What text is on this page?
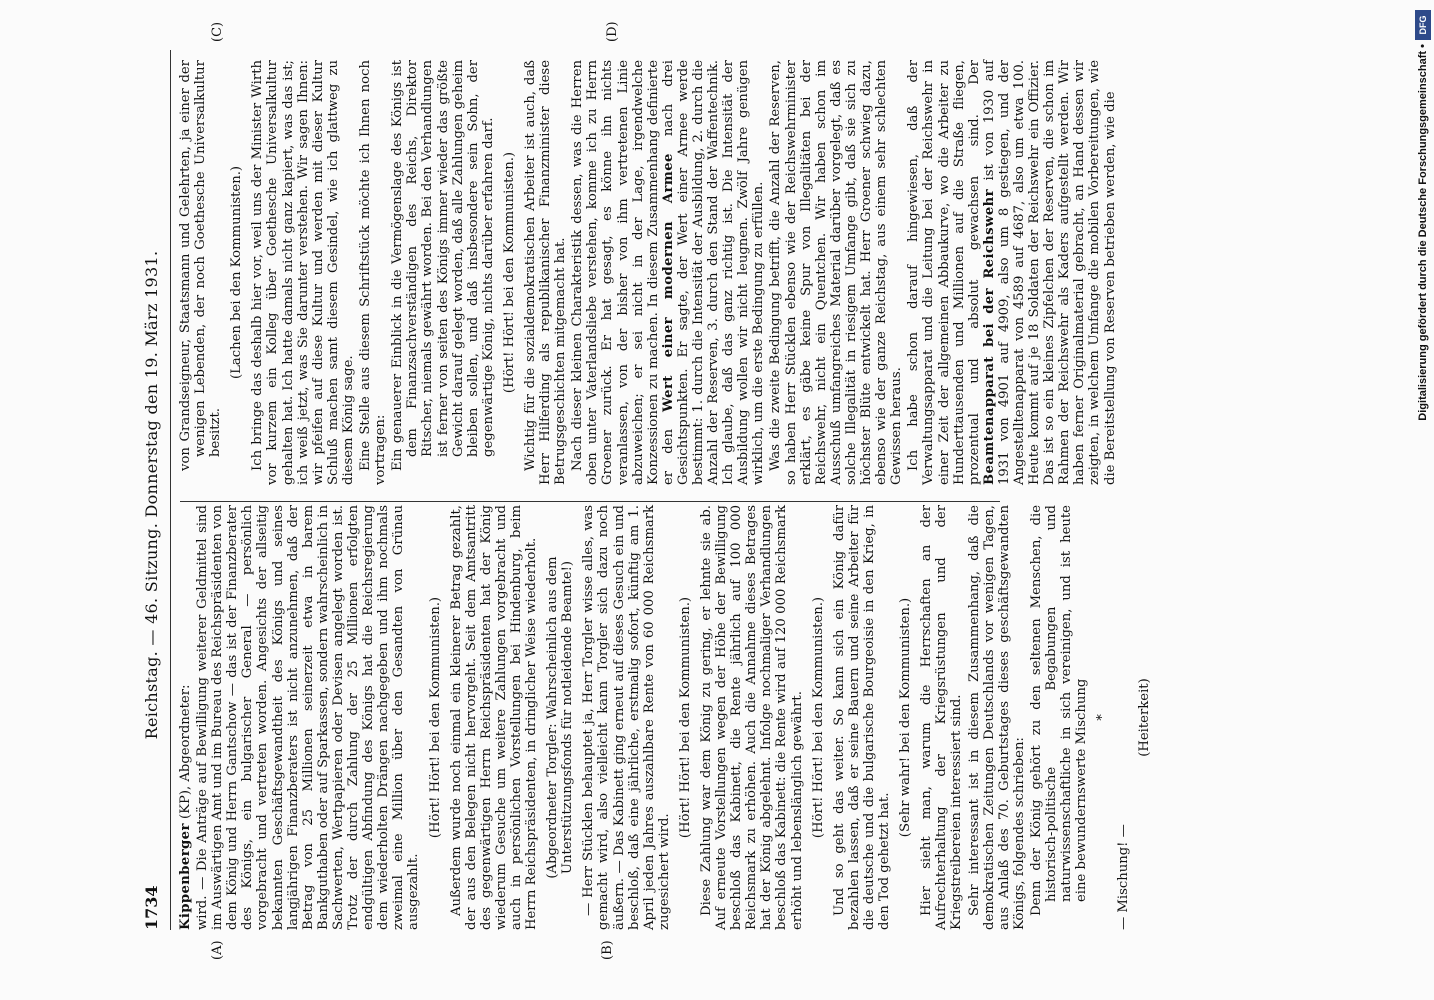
1734
Reichstag. — 46. Sitzung. Donnerstag den 19. März 1931.
(A)	(B)
(C)	(D)

Kippenberger (KP), Abgeordneter: wird. — Die Anträge auf Bewilligung weiterer Geldmittel sind im Auswärtigen Amt und im Bureau des Reichspräsidenten von dem König und Herrn Gantschow — das ist der Finanzberater des Königs, ein bulgarischer General — persönlich vorgebracht und vertreten worden. Angesichts der allseitig bekannten Geschäftsgewandtheit des Königs und seines langjährigen Finanzberaters ist nicht anzunehmen, daß der Betrag von 25 Millionen seinerzeit etwa in barem Bankguthaben oder auf Sparkassen, sondern wahrscheinlich in Sachwerten, Wertpapieren oder Devisen angelegt worden ist. Trotz der durch Zahlung der 25 Millionen erfolgten endgültigen Abfindung des Königs hat die Reichsregierung dem wiederholten Drängen nachgegeben und ihm nochmals zweimal eine Million über den Gesandten von Grünau ausgezahlt.

(Hört! Hört! bei den Kommunisten.) Außerdem wurde noch einmal ein kleinerer Betrag gezahlt, der aus den Belegen nicht hervorgeht. Seit dem Amtsantritt des gegenwärtigen Herrn Reichspräsidenten hat der König wiederum Gesuche um weitere Zahlungen vorgebracht und auch in persönlichen Vorstellungen bei Hindenburg, beim Herrn Reichspräsidenten, in dringlicher Weise wiederholt. (Abgeordneter Torgler: Wahrscheinlich aus dem Unterstützungsfonds für notleidende Beamte!) — Herr Stücklen behauptet ja, Herr Torgler wisse alles, was gemacht wird, also vielleicht kann Torgler sich dazu noch äußern. — Das Kabinett ging erneut auf dieses Gesuch ein und beschloß, daß eine jährliche, erstmalig sofort, künftig am 1. April jeden Jahres auszahlbare Rente von 60 000 Reichsmark zugesichert wird.

(Hört! Hört! bei den Kommunisten.) Diese Zahlung war dem König zu gering, er lehnte sie ab. Auf erneute Vorstellungen wegen der Höhe der Bewilligung beschloß das Kabinett, die Rente jährlich auf 100 000 Reichsmark zu erhöhen. Auch die Annahme dieses Betrages hat der König abgelehnt. Infolge nochmaliger Verhandlungen beschloß das Kabinett: die Rente wird auf 120 000 Reichsmark erhöht und lebenslänglich gewährt. (Hört! Hört! bei den Kommunisten.) Und so geht das weiter. So kann sich ein König dafür bezahlen lassen, daß er seine Bauern und seine Arbeiter für die deutsche und die bulgarische Bourgeoisie in den Krieg, in den Tod gehetzt hat.

(Sehr wahr! bei den Kommunisten.) Hier sieht man, warum die Herrschaften an der Aufrechterhaltung der Kriegsrüstungen und der Kriegstreibereien interessiert sind. Sehr interessant ist in diesem Zusammenhang, daß die demokratischen Zeitungen Deutschlands vor wenigen Tagen, aus Anlaß des 70. Geburtstages dieses geschäftsgewandten Königs, folgendes schrieben: Denn der König gehört zu den seltenen Menschen, die historisch-politische Begabungen und naturwissenschaftliche in sich vereinigen, und ist heute eine bewundernswerte Mischung *

— Mischung! —

(Heiterkeit)

von Grandseigneur, Staatsmann und Gelehrten, ja einer der wenigen Lebenden, der noch Goethesche Universalkultur besitzt.

(Lachen bei den Kommunisten.) Ich bringe das deshalb hier vor, weil uns der Minister Wirth vor kurzem ein Kolleg über Goethesche Universalkultur gehalten hat. Ich hatte damals nicht ganz kapiert, was das ist; ich weiß jetzt, was Sie darunter verstehen. Wir sagen Ihnen: wir pfeifen auf diese Kultur und werden mit dieser Kultur Schluß machen samt diesem Gesindel, wie ich glattweg zu diesem König sage. Eine Stelle aus diesem Schriftstück möchte ich Ihnen noch vortragen: Ein genauerer Einblick in die Vermögenslage des Königs ist dem Finanzsachverständigen des Reichs, Direktor Ritscher, niemals gewährt worden. Bei den Verhandlungen ist ferner von seiten des Königs immer wieder das größte Gewicht darauf gelegt worden, daß alle Zahlungen geheim bleiben sollen, und daß insbesondere sein Sohn, der gegenwärtige König, nichts darüber erfahren darf. (Hört! Hört! bei den Kommunisten.) Wichtig für die sozialdemokratischen Arbeiter ist auch, daß Herr Hilferding als republikanischer Finanzminister diese Betrugsgeschichten mitgemacht hat. Nach dieser kleinen Charakteristik dessen, was die Herren oben unter Vaterlandsliebe verstehen, komme ich zu Herrn Groener zurück. Er hat gesagt, es könne ihn nichts veranlassen, von der bisher von ihm vertretenen Linie abzuweichen; er sei nicht in der Lage, irgendwelche Konzessionen zu machen. In diesem Zusammenhang definierte er den Wert einer modernen Armee nach drei Gesichtspunkten. Er sagte, der Wert einer Armee werde bestimmt: 1. durch die Intensität der Ausbildung, 2. durch die Anzahl der Reserven, 3. durch den Stand der Waffentechnik. Ich glaube, daß das ganz richtig ist. Die Intensität der Ausbildung wollen wir nicht leugnen. Zwölf Jahre genügen wirklich, um die erste Bedingung zu erfüllen. Was die zweite Bedingung betrifft, die Anzahl der Reserven, so haben Herr Stücklen ebenso wie der Reichswehrminister erklärt, es gäbe keine Spur von Illegalitäten bei der Reichswehr, nicht ein Quentchen. Wir haben schon im Ausschuß umfangreiches Material darüber vorgelegt, daß es solche Illegalität in riesigem Umfange gibt, daß sie sich zu höchster Blüte entwickelt hat. Herr Groener schwieg dazu, ebenso wie der ganze Reichstag, aus einem sehr schlechten Gewissen heraus. Ich habe schon darauf hingewiesen, daß der Verwaltungsapparat und die Leitung bei der Reichswehr in einer Zeit der allgemeinen Abbaukurve, wo die Arbeiter zu Hunderttausenden und Millionen auf die Straße fliegen, prozentual und absolut gewachsen sind. Der Beamtenapparat bei der Reichswehr ist von 1930 auf 1931 von 4901 auf 4909, also um 8 gestiegen, und der Angestelltenapparat von 4589 auf 4687, also um etwa 100. Heute kommt auf je 18 Soldaten der Reichswehr ein Offizier. Das ist so ein kleines Zipfelchen der Reserven, die schon im Rahmen der Reichswehr als Kaders aufgestellt werden. Wir haben ferner Originalmaterial gebracht, an Hand dessen wir zeigten, in welchem Umfange die mobilen Vorbereitungen, wie die Bereitstellung von Reserven betrieben werden, wie die	Digitalisierung gefördert durch die Deutsche Forschungsgemeinschaft •
DFG
